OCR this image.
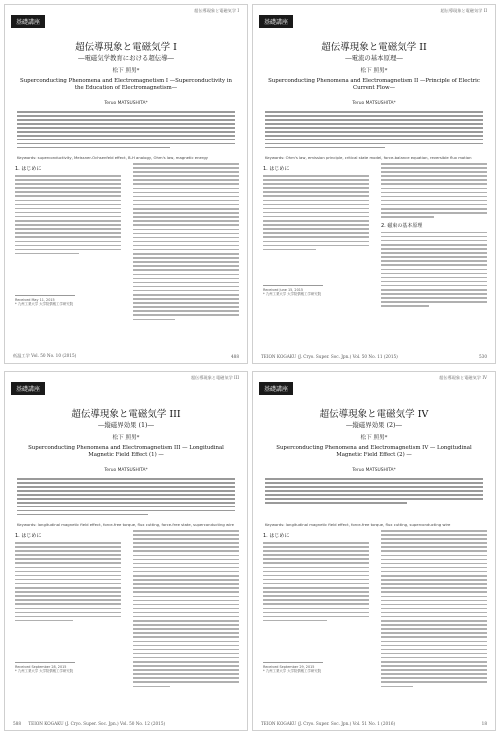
超伝導現象と電磁気学 I
基礎講座
超伝導現象と電磁気学 I
―電磁気学教育における超伝導―
松下 照男*
Superconducting Phenomena and Electromagnetism I —Superconductivity in the Education of Electromagnetism—
Teruo MATSUSHITA*
Keywords: superconductivity, Meissner-Ochsenfeld effect, B-H analogy, Ohm's law, magnetic energy
1. はじめに
Received May 11, 2015
* 九州工業大学 大学院情報工学研究院
低温工学 Vol. 50 No. 10 (2015)	488
超伝導現象と電磁気学 II
基礎講座
超伝導現象と電磁気学 II
―電流の基本原理―
松下 照男*
Superconducting Phenomena and Electromagnetism II —Principle of Electric Current Flow—
Teruo MATSUSHITA*
Keywords: Ohm's law, emission principle, critical state model, force-balance equation, reversible flux motion
1. はじめに
2. 磁束の基本原理
Received June 15, 2015
* 九州工業大学 大学院情報工学研究院
TEION KOGAKU (J. Cryo. Super. Soc. Jpn.) Vol. 50 No. 11 (2015)	530
超伝導現象と電磁気学 III
基礎講座
超伝導現象と電磁気学 III
―縦磁界効果 (1)―
松下 照男*
Superconducting Phenomena and Electromagnetism III — Longitudinal Magnetic Field Effect (1) —
Teruo MATSUSHITA*
Keywords: longitudinal magnetic field effect, force-free torque, flux cutting, force-free state, superconducting wire
1. はじめに
Received September 28, 2015
* 九州工業大学 大学院情報工学研究院
588 TEION KOGAKU (J. Cryo. Super. Soc. Jpn.) Vol. 50 No. 12 (2015)
超伝導現象と電磁気学 IV
基礎講座
超伝導現象と電磁気学 IV
―縦磁界効果 (2)―
松下 照男*
Superconducting Phenomena and Electromagnetism IV — Longitudinal Magnetic Field Effect (2) —
Teruo MATSUSHITA*
Keywords: longitudinal magnetic field effect, force-free torque, flux cutting, superconducting wire
1. はじめに
Received September 29, 2015
* 九州工業大学 大学院情報工学研究院
TEION KOGAKU (J. Cryo. Super. Soc. Jpn.) Vol. 51 No. 1 (2016)	18
